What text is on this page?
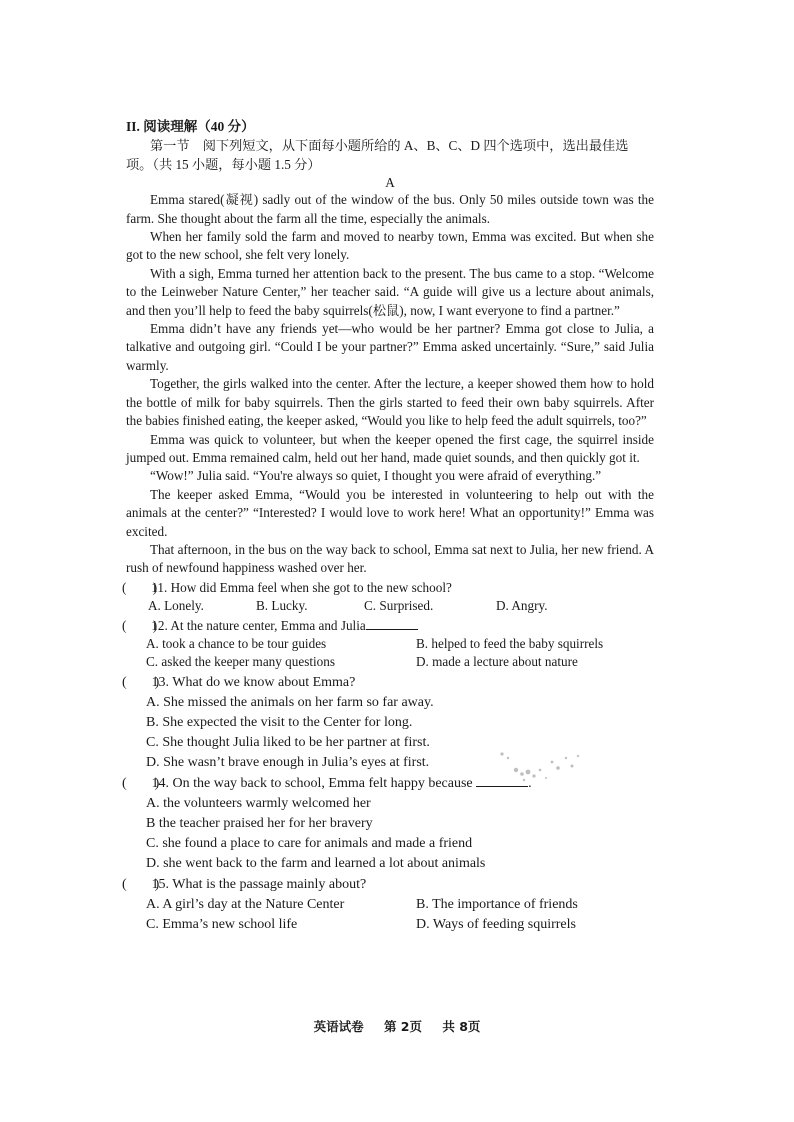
II. 阅读理解（40 分）

第一节　阅下列短文，从下面每小题所给的 A、B、C、D 四个选项中，选出最佳选项。（共 15 小题，每小题 1.5 分）

A

Emma stared(凝视) sadly out of the window of the bus. Only 50 miles outside town was the farm. She thought about the farm all the time, especially the animals.

When her family sold the farm and moved to nearby town, Emma was excited. But when she got to the new school, she felt very lonely.

With a sigh, Emma turned her attention back to the present. The bus came to a stop. “Welcome to the Leinweber Nature Center,” her teacher said. “A guide will give us a lecture about animals, and then you’ll help to feed the baby squirrels(松鼠), now, I want everyone to find a partner.”

Emma didn’t have any friends yet—who would be her partner? Emma got close to Julia, a talkative and outgoing girl. “Could I be your partner?” Emma asked uncertainly. “Sure,” said Julia warmly.

Together, the girls walked into the center. After the lecture, a keeper showed them how to hold the bottle of milk for baby squirrels. Then the girls started to feed their own baby squirrels. After the babies finished eating, the keeper asked, “Would you like to help feed the adult squirrels, too?”

Emma was quick to volunteer, but when the keeper opened the first cage, the squirrel inside jumped out. Emma remained calm, held out her hand, made quiet sounds, and then quickly got it.

“Wow!” Julia said. “You're always so quiet, I thought you were afraid of everything.”

The keeper asked Emma, “Would you be interested in volunteering to help out with the animals at the center?” “Interested? I would love to work here! What an opportunity!” Emma was excited.

That afternoon, in the bus on the way back to school, Emma sat next to Julia, her new friend. A rush of newfound happiness washed over her.

(　　) 11. How did Emma feel when she got to the new school?
A. Lonely.	B. Lucky.	C. Surprised.	D. Angry.
(　　) 12. At the nature center, Emma and Julia
A. took a chance to be tour guides	B. helped to feed the baby squirrels
C. asked the keeper many questions	D. made a lecture about nature
(　　) 13. What do we know about Emma?
A. She missed the animals on her farm so far away.
B. She expected the visit to the Center for long.
C. She thought Julia liked to be her partner at first.
D. She wasn’t brave enough in Julia’s eyes at first.
(　　) 14. On the way back to school, Emma felt happy because	.
A. the volunteers warmly welcomed her
B the teacher praised her for her bravery
C. she found a place to care for animals and made a friend
D. she went back to the farm and learned a lot about animals
(　　) 15. What is the passage mainly about?
A. A girl’s day at the Nature Center	B. The importance of friends
C. Emma’s new school life	D. Ways of feeding squirrels
英语试卷 第 2页 共 8页
